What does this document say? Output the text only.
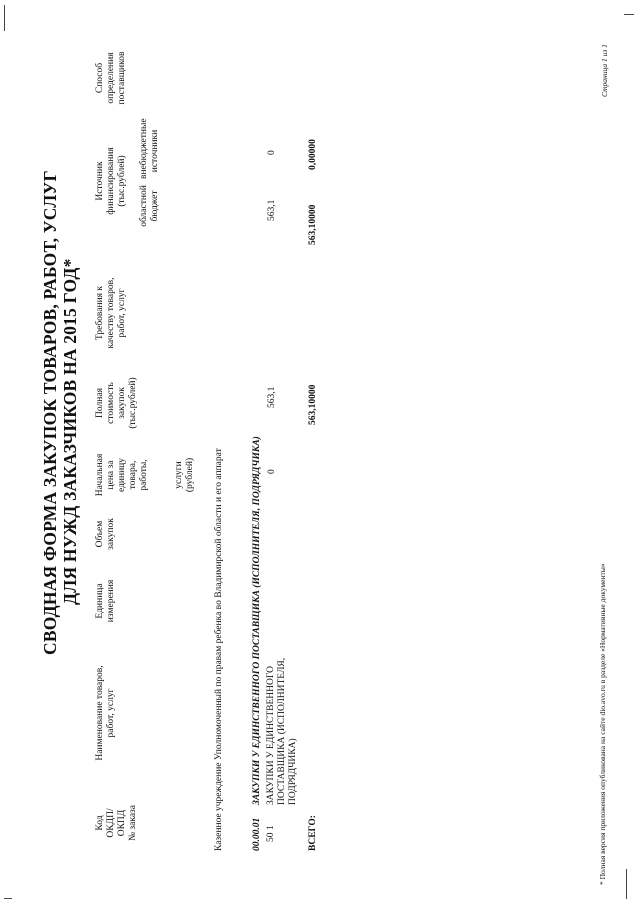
СВОДНАЯ ФОРМА ЗАКУПОК ТОВАРОВ, РАБОТ, УСЛУГ ДЛЯ НУЖД ЗАКАЗЧИКОВ НА 2015 ГОД*
Код ОКДП/ ОКПД № заказа
Наименование товаров, работ, услуг
Единица измерения
Объем закупок
Начальная цена за единицу товара, работы,	услуги (рублей)
Полная стоимость закупок (тыс.рублей)
Требования к качеству товаров, работ, услуг
Источник финансирования (тыс.рублей) областной бюджет
внебюджетные источники
Способ определения поставщиков
Казенное учреждение Уполномоченный по правам ребенка во Владимирской области и его аппарат	00.00.01
ЗАКУПКИ У ЕДИНСТВЕННОГО ПОСТАВЩИКА (ИСПОЛНИТЕЛЯ, ПОДРЯДЧИКА)
50 1
ЗАКУПКИ У ЕДИНСТВЕННОГО ПОСТАВЩИКА (ИСПОЛНИТЕЛЯ, ПОДРЯДЧИКА)
0
563,1
563,1
0
ВСЕГО:
563,10000
563,10000
0,00000
* Полная версия приложения опубликована на сайте dio.avo.ru в разделе «Нормативные документы»
Страница 1 из 1
